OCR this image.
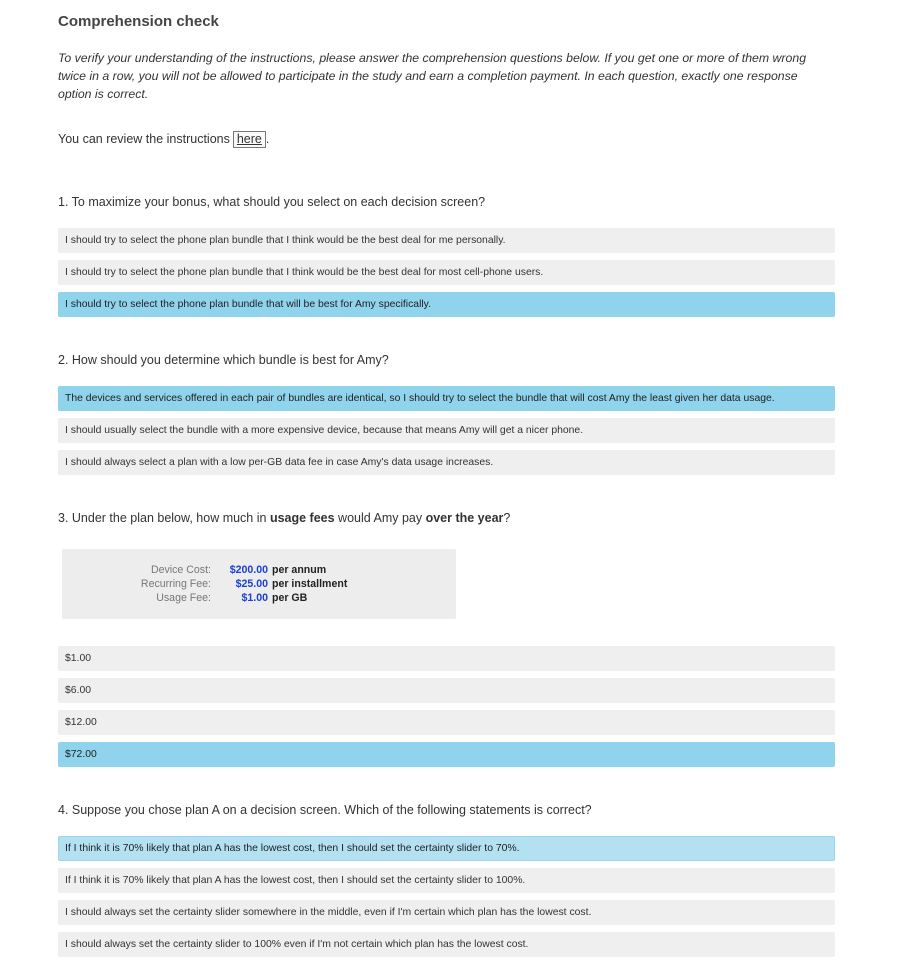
Comprehension check

To verify your understanding of the instructions, please answer the comprehension questions below. If you get one or more of them wrong twice in a row, you will not be allowed to participate in the study and earn a completion payment. In each question, exactly one response option is correct.

You can review the instructions here .
1. To maximize your bonus, what should you select on each decision screen?
I should try to select the phone plan bundle that I think would be the best deal for me personally.
I should try to select the phone plan bundle that I think would be the best deal for most cell-phone users.
I should try to select the phone plan bundle that will be best for Amy specifically.
2. How should you determine which bundle is best for Amy?
The devices and services offered in each pair of bundles are identical, so I should try to select the bundle that will cost Amy the least given her data usage.
I should usually select the bundle with a more expensive device, because that means Amy will get a nicer phone.
I should always select a plan with a low per-GB data fee in case Amy's data usage increases.
3. Under the plan below, how much in usage fees would Amy pay over the year?
Device Cost:	$200.00 per annum
Recurring Fee:	$25.00 per installment
Usage Fee:	$1.00 per GB
$1.00
$6.00
$12.00
$72.00
4. Suppose you chose plan A on a decision screen. Which of the following statements is correct?
If I think it is 70% likely that plan A has the lowest cost, then I should set the certainty slider to 70%.
If I think it is 70% likely that plan A has the lowest cost, then I should set the certainty slider to 100%.
I should always set the certainty slider somewhere in the middle, even if I'm certain which plan has the lowest cost.
I should always set the certainty slider to 100% even if I'm not certain which plan has the lowest cost.
